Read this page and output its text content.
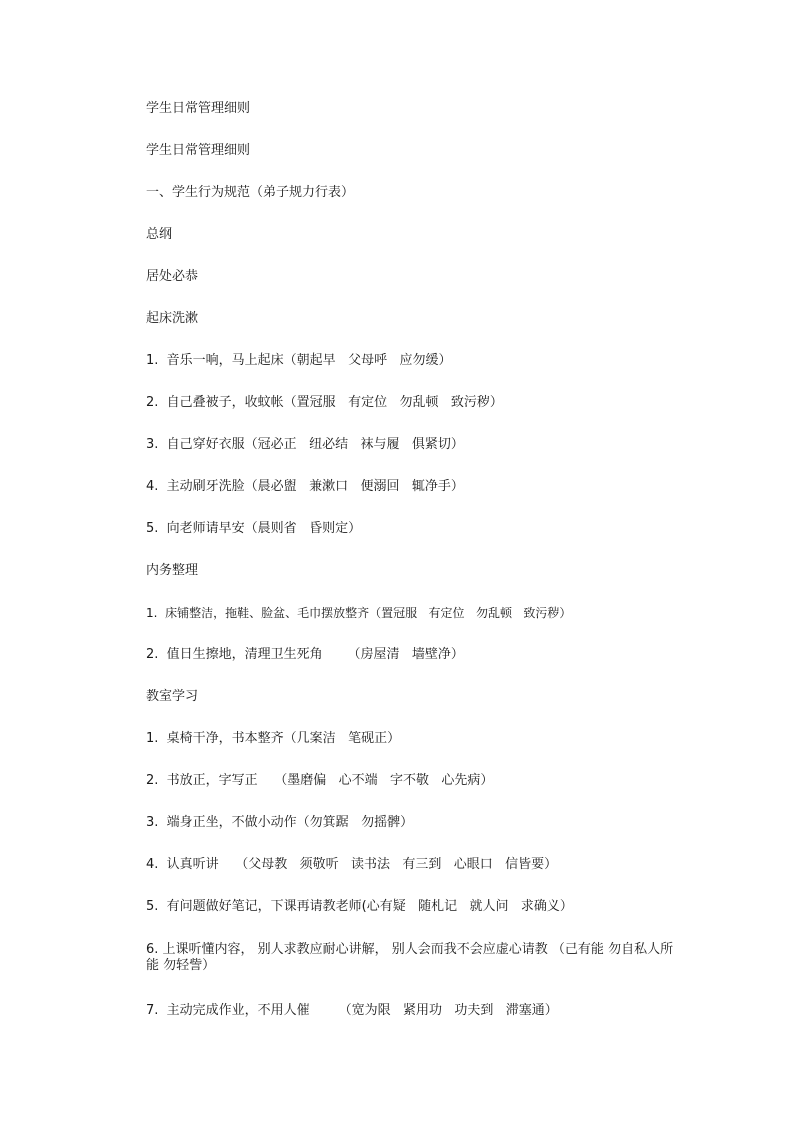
学生日常管理细则
学生日常管理细则
一、学生行为规范（弟子规力行表）
总纲
居处必恭
起床洗漱
1.  音乐一响，马上起床（朝起早   父母呼   应勿缓）
2.  自己叠被子，收蚊帐（置冠服   有定位   勿乱顿   致污秽）
3.  自己穿好衣服（冠必正   纽必结   袜与履   俱紧切）
4.  主动刷牙洗脸（晨必盥   兼漱口   便溺回   辄净手）
5.  向老师请早安（晨则省   昏则定）
内务整理
1.  床铺整洁，拖鞋、脸盆、毛巾摆放整齐（置冠服   有定位   勿乱顿   致污秽）
2.  值日生擦地，清理卫生死角      （房屋清   墙壁净）
教室学习
1.  桌椅干净，书本整齐（几案洁   笔砚正）
2.  书放正，字写正    （墨磨偏   心不端   字不敬   心先病）
3.  端身正坐，不做小动作（勿箕踞   勿摇髀）
4.  认真听讲    （父母教   须敬听   读书法   有三到   心眼口   信皆要）
5.  有问题做好笔记，下课再请教老师(心有疑   随札记   就人问   求确义）
6. 上课听懂内容， 别人求教应耐心讲解， 别人会而我不会应虚心请教 （己有能 勿自私人所能 勿轻訾）
7.  主动完成作业，不用人催       （宽为限   紧用功   功夫到   滞塞通）
